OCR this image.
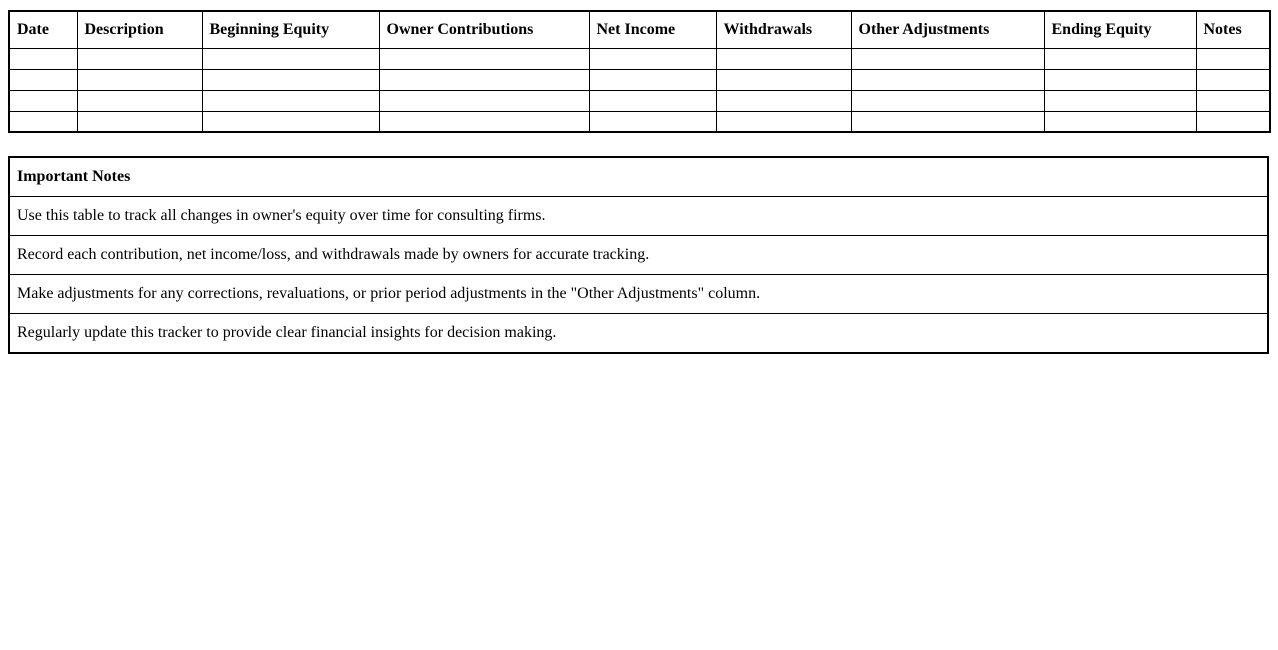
Date	Description	Beginning Equity	Owner Contributions	Net Income	Withdrawals	Other Adjustments	Ending Equity	Notes

Important Notes
Use this table to track all changes in owner's equity over time for consulting firms.
Record each contribution, net income/loss, and withdrawals made by owners for accurate tracking.
Make adjustments for any corrections, revaluations, or prior period adjustments in the "Other Adjustments" column.
Regularly update this tracker to provide clear financial insights for decision making.
